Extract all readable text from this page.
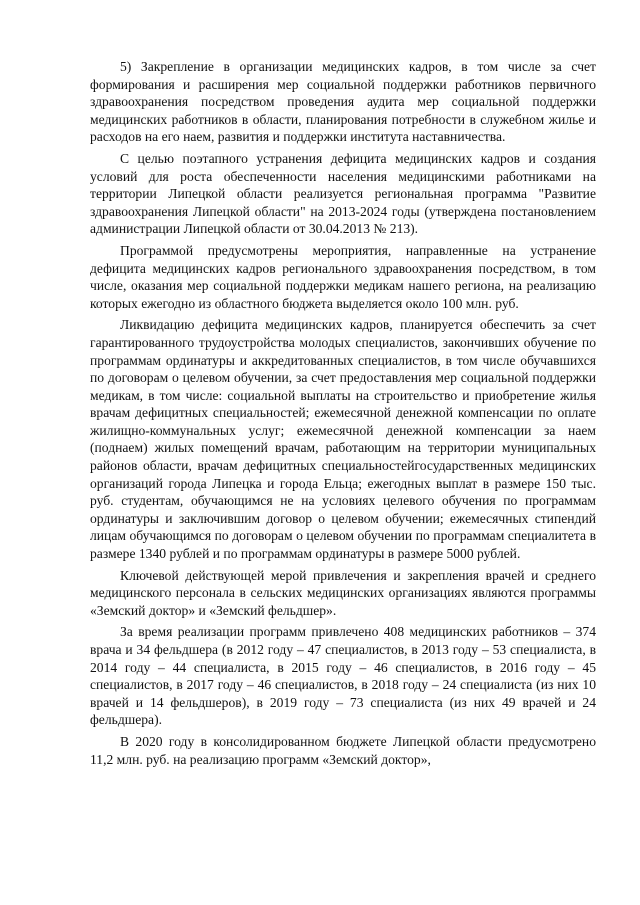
5) Закрепление в организации медицинских кадров, в том числе за счет формирования и расширения мер социальной поддержки работников первичного здравоохранения посредством проведения аудита мер социальной поддержки медицинских работников в области, планирования потребности в служебном жилье и расходов на его наем, развития и поддержки института наставничества.

С целью поэтапного устранения дефицита медицинских кадров и создания условий для роста обеспеченности населения медицинскими работниками на территории Липецкой области реализуется региональная программа "Развитие здравоохранения Липецкой области" на 2013-2024 годы (утверждена постановлением администрации Липецкой области от 30.04.2013 № 213).

Программой предусмотрены мероприятия, направленные на устранение дефицита медицинских кадров регионального здравоохранения посредством, в том числе, оказания мер социальной поддержки медикам нашего региона, на реализацию которых ежегодно из областного бюджета выделяется около 100 млн. руб.

Ликвидацию дефицита медицинских кадров, планируется обеспечить за счет гарантированного трудоустройства молодых специалистов, закончивших обучение по программам ординатуры и аккредитованных специалистов, в том числе обучавшихся по договорам о целевом обучении, за счет предоставления мер социальной поддержки медикам, в том числе: социальной выплаты на строительство и приобретение жилья врачам дефицитных специальностей; ежемесячной денежной компенсации по оплате жилищно-коммунальных услуг; ежемесячной денежной компенсации за наем (поднаем) жилых помещений врачам, работающим на территории муниципальных районов области, врачам дефицитных специальностейгосударственных медицинских организаций города Липецка и города Ельца; ежегодных выплат в размере 150 тыс. руб. студентам, обучающимся не на условиях целевого обучения по программам ординатуры и заключившим договор о целевом обучении; ежемесячных стипендий лицам обучающимся по договорам о целевом обучении по программам специалитета в размере 1340 рублей и по программам ординатуры в размере 5000 рублей.

Ключевой действующей мерой привлечения и закрепления врачей и среднего медицинского персонала в сельских медицинских организациях являются программы «Земский доктор» и «Земский фельдшер».

За время реализации программ привлечено 408 медицинских работников – 374 врача и 34 фельдшера (в 2012 году – 47 специалистов, в 2013 году – 53 специалиста, в 2014 году – 44 специалиста, в 2015 году – 46 специалистов, в 2016 году – 45 специалистов, в 2017 году – 46 специалистов, в 2018 году – 24 специалиста (из них 10 врачей и 14 фельдшеров), в 2019 году – 73 специалиста (из них 49 врачей и 24 фельдшера).

В 2020 году в консолидированном бюджете Липецкой области предусмотрено 11,2 млн. руб. на реализацию программ «Земский доктор»,
